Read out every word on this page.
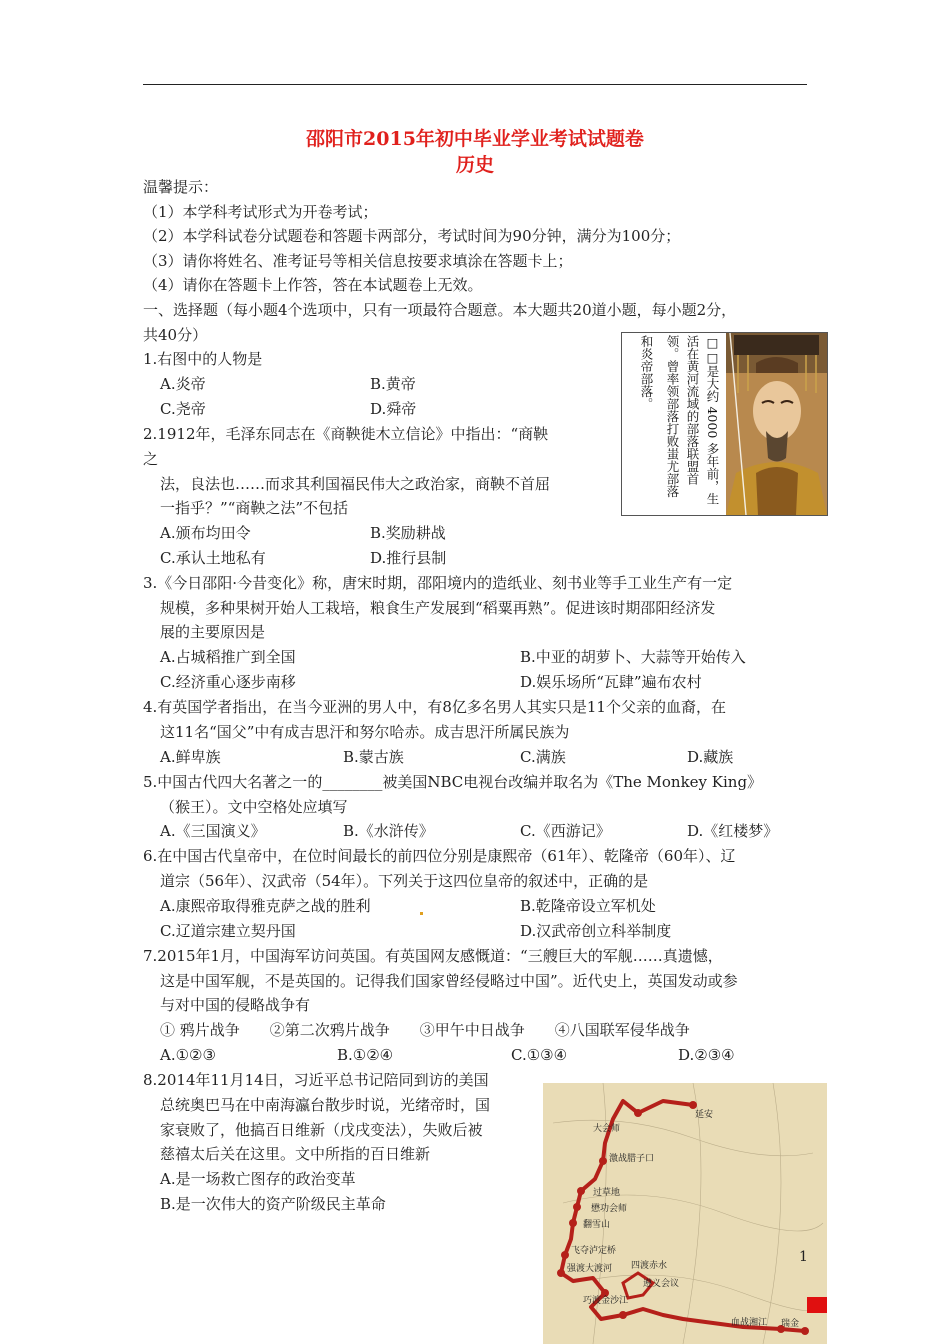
邵阳市2015年初中毕业学业考试试题卷
历史
温馨提示：
（1）本学科考试形式为开卷考试；
（2）本学科试卷分试题卷和答题卡两部分，考试时间为90分钟，满分为100分；
（3）请你将姓名、准考证号等相关信息按要求填涂在答题卡上；
（4）请你在答题卡上作答，答在本试题卷上无效。
一、选择题（每小题4个选项中，只有一项最符合题意。本大题共20道小题，每小题2分，
共40分）
1.右图中的人物是
A.炎帝	B.黄帝
C.尧帝	D.舜帝	□□是大约 4000 多年前，生
活在黄河流域的部落联盟首
领。曾率领部落打败蚩尤部落
和炎帝部落。
2.1912年，毛泽东同志在《商鞅徙木立信论》中指出：“商鞅
之
法，良法也……而求其利国福民伟大之政治家，商鞅不首屈
一指乎？”“商鞅之法”不包括
A.颁布均田令	B.奖励耕战
C.承认土地私有	D.推行县制
3.《今日邵阳·今昔变化》称，唐宋时期，邵阳境内的造纸业、刻书业等手工业生产有一定
规模，多种果树开始人工栽培，粮食生产发展到“稻粟再熟”。促进该时期邵阳经济发
展的主要原因是
A.占城稻推广到全国	B.中亚的胡萝卜、大蒜等开始传入
C.经济重心逐步南移	D.娱乐场所“瓦肆”遍布农村
4.有英国学者指出，在当今亚洲的男人中，有8亿多名男人其实只是11个父亲的血裔，在
这11名“国父”中有成吉思汗和努尔哈赤。成吉思汗所属民族为
A.鲜卑族	B.蒙古族	C.满族	D.藏族
5.中国古代四大名著之一的________被美国NBC电视台改编并取名为《The Monkey King》
（猴王）。文中空格处应填写
A.《三国演义》	B.《水浒传》	C.《西游记》	D.《红楼梦》
6.在中国古代皇帝中，在位时间最长的前四位分别是康熙帝（61年）、乾隆帝（60年）、辽
道宗（56年）、汉武帝（54年）。下列关于这四位皇帝的叙述中，正确的是
A.康熙帝取得雅克萨之战的胜利	B.乾隆帝设立军机处
C.辽道宗建立契丹国	D.汉武帝创立科举制度
7.2015年1月，中国海军访问英国。有英国网友感慨道：“三艘巨大的军舰……真遗憾，
这是中国军舰，不是英国的。记得我们国家曾经侵略过中国”。近代史上，英国发动或参
与对中国的侵略战争有
① 鸦片战争　　②第二次鸦片战争　　③甲午中日战争　　④八国联军侵华战争
A.①②③	B.①②④	C.①③④	D.②③④
8.2014年11月14日，习近平总书记陪同到访的美国
总统奥巴马在中南海瀛台散步时说，光绪帝时，国
家衰败了，他搞百日维新（戊戌变法），失败后被
慈禧太后关在这里。文中所指的百日维新
A.是一场救亡图存的政治变革
B.是一次伟大的资产阶级民主革命
延安
大会师
激战腊子口
过草地
懋功会师
翻雪山
飞夺泸定桥
强渡大渡河 四渡赤水
遵义会议
巧渡金沙江
血战湘江 瑞金
1
